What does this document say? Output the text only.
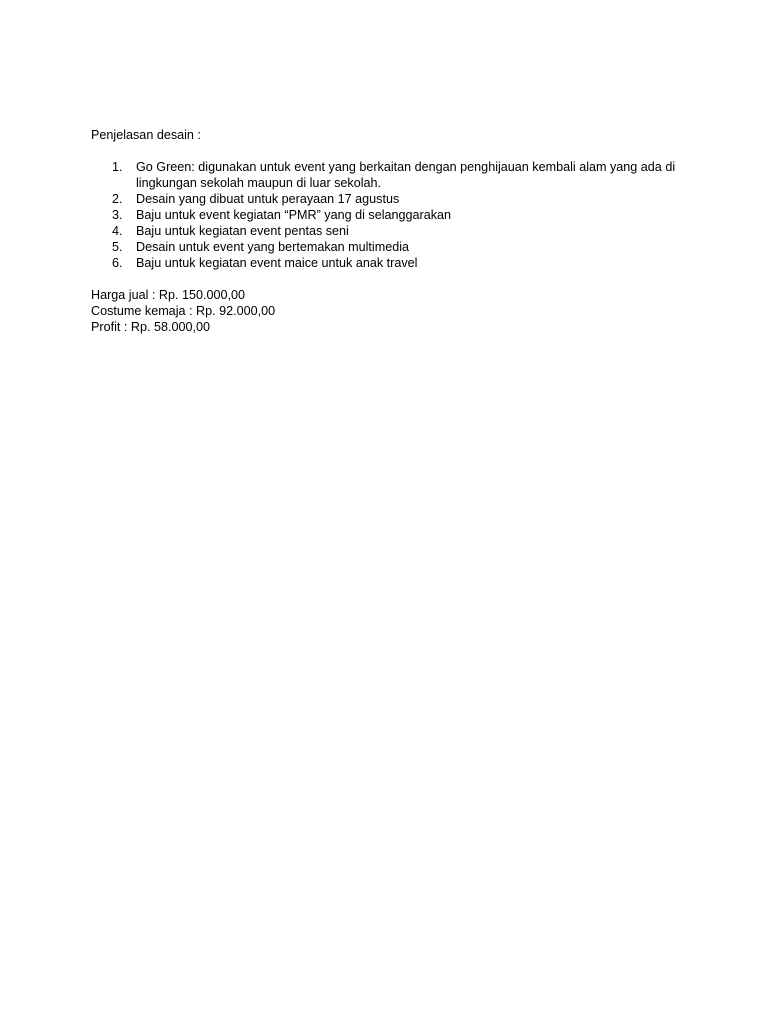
Penjelasan desain :

1.	Go Green: digunakan untuk event yang berkaitan dengan penghijauan kembali alam yang ada di lingkungan sekolah maupun di luar sekolah.
2.	Desain yang dibuat untuk perayaan 17 agustus
3.	Baju untuk event kegiatan “PMR” yang di selanggarakan
4.	Baju untuk kegiatan event pentas seni
5.	Desain untuk event yang bertemakan multimedia
6.	Baju untuk kegiatan event maice untuk anak travel

Harga jual : Rp. 150.000,00

Costume kemaja : Rp. 92.000,00

Profit : Rp. 58.000,00
